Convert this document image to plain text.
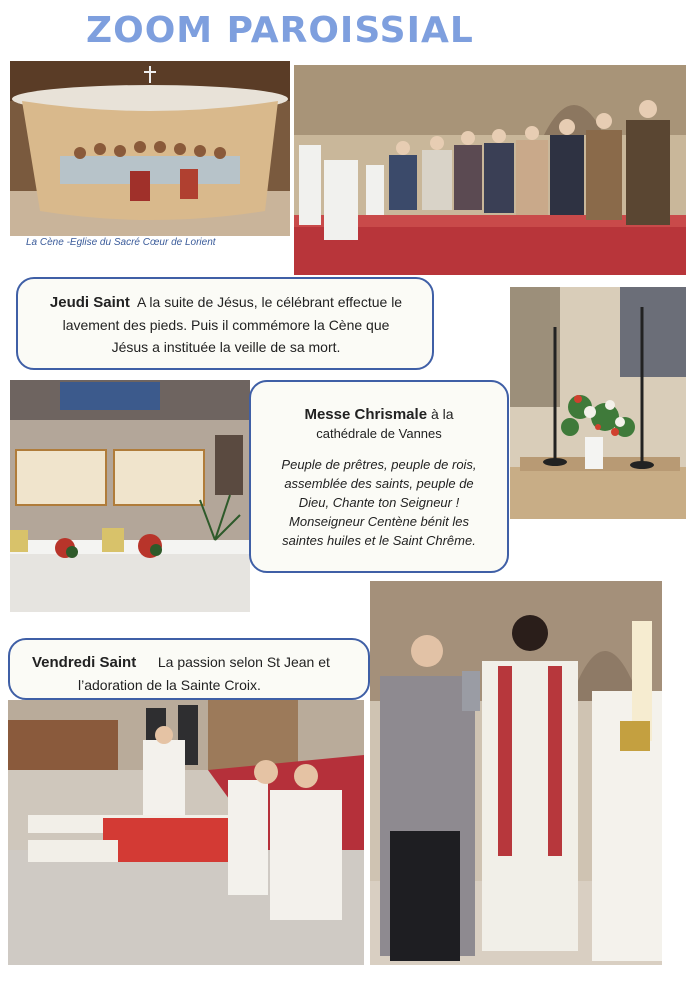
ZOOM PAROISSIAL
La Cène -Eglise du Sacré Cœur de Lorient
Jeudi Saint A la suite de Jésus, le célébrant effectue le
lavement des pieds. Puis il commémore la Cène que
Jésus a instituée la veille de sa mort.
Messe Chrismale à la
cathédrale de Vannes
Peuple de prêtres, peuple de rois,
assemblée des saints, peuple de
Dieu, Chante ton Seigneur !
Monseigneur Centène bénit les
saintes huiles et le Saint Chrême.
Vendredi Saint La passion selon St Jean et
l’adoration de la Sainte Croix.
